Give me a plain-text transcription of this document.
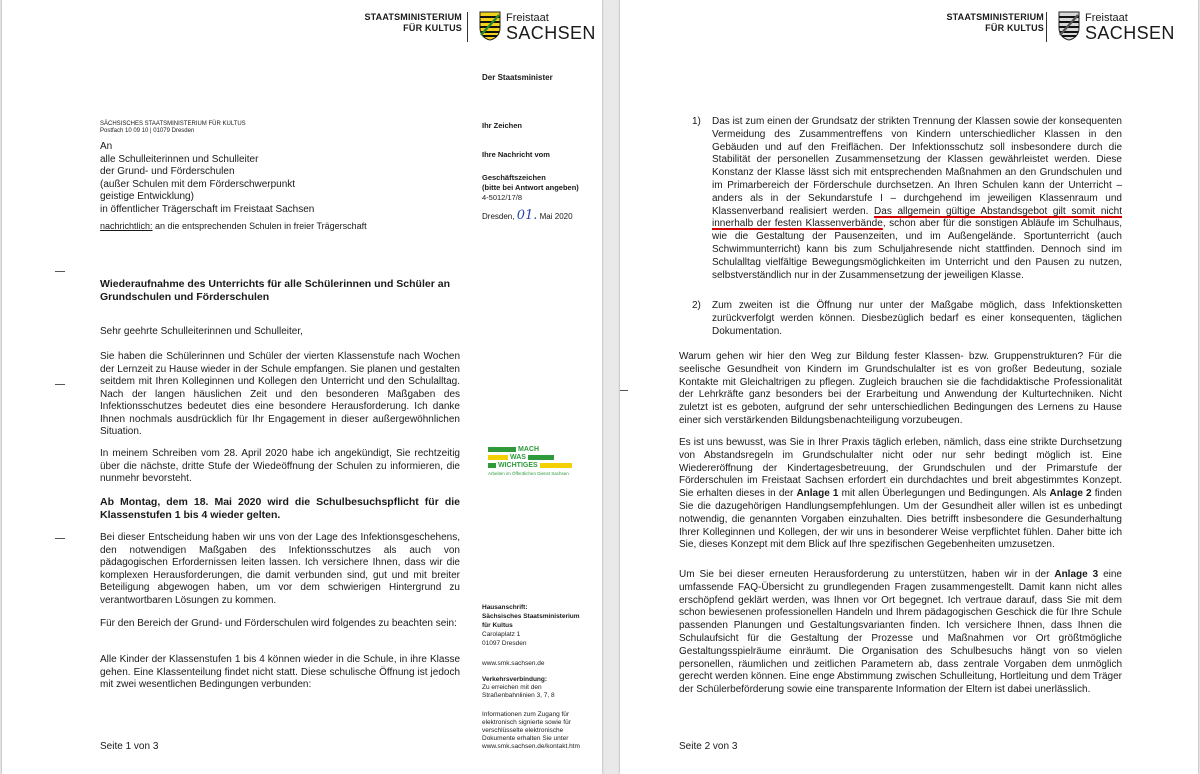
STAATSMINISTERIUM
FÜR KULTUS
Freistaat
SACHSEN
Der Staatsminister
SÄCHSISCHES STAATSMINISTERIUM FÜR KULTUS
Postfach 10 09 10 | 01079 Dresden
An
alle Schulleiterinnen und Schulleiter
der Grund- und Förderschulen
(außer Schulen mit dem Förderschwerpunkt
geistige Entwicklung)
in öffentlicher Trägerschaft im Freistaat Sachsen
nachrichtlich: an die entsprechenden Schulen in freier Trägerschaft
Ihr Zeichen
Ihre Nachricht vom
Geschäftszeichen
(bitte bei Antwort angeben)
4-5012/17/8
Dresden, 01. Mai 2020
Wiederaufnahme des Unterrichts für alle Schülerinnen und Schüler an Grundschulen und Förderschulen
Sehr geehrte Schulleiterinnen und Schulleiter,
Sie haben die Schülerinnen und Schüler der vierten Klassenstufe nach Wochen der Lernzeit zu Hause wieder in der Schule empfangen. Sie planen und gestalten seitdem mit Ihren Kolleginnen und Kollegen den Unterricht und den Schulalltag. Nach der langen häuslichen Zeit und den besonderen Maßgaben des Infektionsschutzes bedeutet dies eine besondere Herausforderung. Ich danke Ihnen nochmals ausdrücklich für Ihr Engagement in dieser außergewöhnlichen Situation.
In meinem Schreiben vom 28. April 2020 habe ich angekündigt, Sie rechtzeitig über die nächste, dritte Stufe der Wiedeöffnung der Schulen zu informieren, die nunmehr bevorsteht.
Ab Montag, dem 18. Mai 2020 wird die Schulbesuchspflicht für die Klassenstufen 1 bis 4 wieder gelten.
Bei dieser Entscheidung haben wir uns von der Lage des Infektionsgeschehens, den notwendigen Maßgaben des Infektionsschutzes als auch von pädagogischen Erfordernissen leiten lassen. Ich versichere Ihnen, dass wir die komplexen Herausforderungen, die damit verbunden sind, gut und mit breiter Beteiligung abgewogen haben, um vor dem schwierigen Hintergrund zu verantwortbaren Lösungen zu kommen.
Für den Bereich der Grund- und Förderschulen wird folgendes zu beachten sein:
Alle Kinder der Klassenstufen 1 bis 4 können wieder in die Schule, in ihre Klasse gehen. Eine Klassenteilung findet nicht statt. Diese schulische Öffnung ist jedoch mit zwei wesentlichen Bedingungen verbunden:
Seite 1 von 3
MACH
WAS
WICHTIGES
Arbeiten im Öffentlichen Dienst Sachsen
Hausanschrift:
Sächsisches Staatsministerium
für Kultus
Carolaplatz 1
01097 Dresden
www.smk.sachsen.de
Verkehrsverbindung:
Zu erreichen mit den
Straßenbahnlinien 3, 7, 8
Informationen zum Zugang für
elektronisch signierte sowie für
verschlüsselte elektronische
Dokumente erhalten Sie unter
www.smk.sachsen.de/kontakt.htm
STAATSMINISTERIUM
FÜR KULTUS
Freistaat
SACHSEN
1) Das ist zum einen der Grundsatz der strikten Trennung der Klassen sowie der konsequenten Vermeidung des Zusammentreffens von Kindern unterschiedlicher Klassen in den Gebäuden und auf den Freiflächen. Der Infektionsschutz soll insbesondere durch die Stabilität der personellen Zusammensetzung der Klassen gewährleistet werden. Diese Konstanz der Klasse lässt sich mit entsprechenden Maßnahmen an den Grundschulen und im Primarbereich der Förderschule durchsetzen. An Ihren Schulen kann der Unterricht – anders als in der Sekundarstufe I – durchgehend im jeweiligen Klassenraum und Klassenverband realisiert werden. Das allgemein gültige Abstandsgebot gilt somit nicht innerhalb der festen Klassenverbände, schon aber für die sonstigen Abläufe im Schulhaus, wie die Gestaltung der Pausenzeiten, und im Außengelände. Sportunterricht (auch Schwimmunterricht) kann bis zum Schuljahresende nicht stattfinden. Dennoch sind im Schulalltag vielfältige Bewegungsmöglichkeiten im Unterricht und den Pausen zu nutzen, selbstverständlich nur in der Zusammensetzung der jeweiligen Klasse.
2) Zum zweiten ist die Öffnung nur unter der Maßgabe möglich, dass Infektionsketten zurückverfolgt werden können. Diesbezüglich bedarf es einer konsequenten, täglichen Dokumentation.
Warum gehen wir hier den Weg zur Bildung fester Klassen- bzw. Gruppenstrukturen? Für die seelische Gesundheit von Kindern im Grundschulalter ist es von großer Bedeutung, soziale Kontakte mit Gleichaltrigen zu pflegen. Zugleich brauchen sie die fachdidaktische Professionalität der Lehrkräfte ganz besonders bei der Erarbeitung und Anwendung der Kulturtechniken. Nicht zuletzt ist es geboten, aufgrund der sehr unterschiedlichen Bedingungen des Lernens zu Hause einer sich verstärkenden Bildungsbenachteiligung vorzubeugen.
Es ist uns bewusst, was Sie in Ihrer Praxis täglich erleben, nämlich, dass eine strikte Durchsetzung von Abstandsregeln im Grundschulalter nicht oder nur sehr bedingt möglich ist. Eine Wiedereröffnung der Kindertagesbetreuung, der Grundschulen und der Primarstufe der Förderschulen im Freistaat Sachsen erfordert ein durchdachtes und breit abgestimmtes Konzept. Sie erhalten dieses in der Anlage 1 mit allen Überlegungen und Bedingungen. Als Anlage 2 finden Sie die dazugehörigen Handlungsempfehlungen. Um der Gesundheit aller willen ist es unbedingt notwendig, die genannten Vorgaben einzuhalten. Dies betrifft insbesondere die Gesunderhaltung Ihrer Kolleginnen und Kollegen, der wir uns in besonderer Weise verpflichtet fühlen. Daher bitte ich Sie, dieses Konzept mit dem Blick auf Ihre spezifischen Gegebenheiten umzusetzen.
Um Sie bei dieser erneuten Herausforderung zu unterstützen, haben wir in der Anlage 3 eine umfassende FAQ-Übersicht zu grundlegenden Fragen zusammengestellt. Damit kann nicht alles erschöpfend geklärt werden, was Ihnen vor Ort begegnet. Ich vertraue darauf, dass Sie mit dem schon bewiesenen professionellen Handeln und Ihrem pädagogischen Geschick die für Ihre Schule passenden Planungen und Gestaltungsvarianten finden. Ich versichere Ihnen, dass Ihnen die Schulaufsicht für die Gestaltung der Prozesse und Maßnahmen vor Ort größtmögliche Gestaltungsspielräume einräumt. Die Organisation des Schulbesuchs hängt von so vielen personellen, räumlichen und zeitlichen Parametern ab, dass zentrale Vorgaben dem unmöglich gerecht werden können. Eine enge Abstimmung zwischen Schulleitung, Hortleitung und dem Träger der Schülerbeförderung sowie eine transparente Information der Eltern ist dabei unerlässlich.
Seite 2 von 3
